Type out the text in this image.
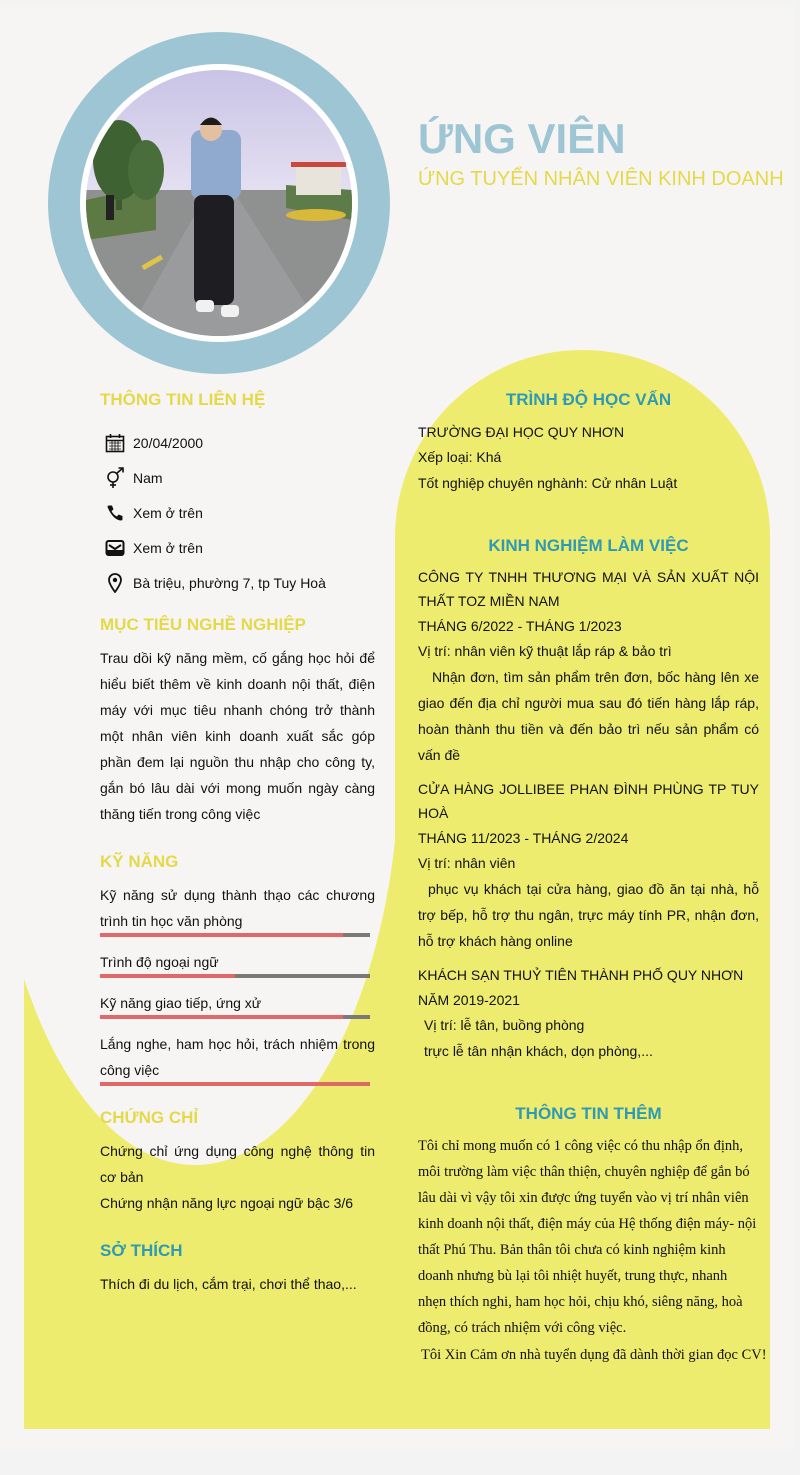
ỨNG VIÊN

ỨNG TUYỂN NHÂN VIÊN KINH DOANH

THÔNG TIN LIÊN HỆ
20/04/2000
Nam
Xem ở trên
Xem ở trên
Bà triệu, phường 7, tp Tuy Hoà
MỤC TIÊU NGHỀ NGHIỆP

Trau dồi kỹ năng mềm, cố gắng học hỏi để hiểu biết thêm về kinh doanh nội thất, điện máy với mục tiêu nhanh chóng trở thành một nhân viên kinh doanh xuất sắc góp phần đem lại nguồn thu nhập cho công ty, gắn bó lâu dài với mong muốn ngày càng thăng tiến trong công việc

KỸ NĂNG

Kỹ năng sử dụng thành thạo các chương trình tin học văn phòng

Trình độ ngoại ngữ

Kỹ năng giao tiếp, ứng xử

Lắng nghe, ham học hỏi, trách nhiệm trong công việc

CHỨNG CHỈ

Chứng chỉ ứng dụng công nghệ thông tin cơ bản

Chứng nhận năng lực ngoại ngữ bậc 3/6

SỞ THÍCH

Thích đi du lịch, cắm trại, chơi thể thao,...

TRÌNH ĐỘ HỌC VẤN

TRƯỜNG ĐẠI HỌC QUY NHƠN

Xếp loại: Khá

Tốt nghiệp chuyên nghành: Cử nhân Luật

KINH NGHIỆM LÀM VIỆC

CÔNG TY TNHH THƯƠNG MẠI VÀ SẢN XUẤT NỘI THẤT TOZ MIỀN NAM

THÁNG 6/2022 - THÁNG 1/2023

Vị trí: nhân viên kỹ thuật lắp ráp & bảo trì

Nhận đơn, tìm sản phẩm trên đơn, bốc hàng lên xe giao đến địa chỉ người mua sau đó tiến hàng lắp ráp, hoàn thành thu tiền và đến bảo trì nếu sản phẩm có vấn đề

CỬA HÀNG JOLLIBEE PHAN ĐÌNH PHÙNG TP TUY HOÀ

THÁNG 11/2023 - THÁNG 2/2024

Vị trí: nhân viên

phục vụ khách tại cửa hàng, giao đồ ăn tại nhà, hỗ trợ bếp, hỗ trợ thu ngân, trực máy tính PR, nhận đơn, hỗ trợ khách hàng online

KHÁCH SẠN THUỶ TIÊN THÀNH PHỐ QUY NHƠN

NĂM 2019-2021

Vị trí: lễ tân, buồng phòng

trực lễ tân nhận khách, dọn phòng,...

THÔNG TIN THÊM

Tôi chỉ mong muốn có 1 công việc có thu nhập ổn định, môi trường làm việc thân thiện, chuyên nghiệp để gắn bó lâu dài vì vậy tôi xin được ứng tuyển vào vị trí nhân viên kinh doanh nội thất, điện máy của Hệ thống điện máy- nội thất Phú Thu. Bản thân tôi chưa có kinh nghiệm kinh doanh nhưng bù lại tôi nhiệt huyết, trung thực, nhanh nhẹn thích nghi, ham học hỏi, chịu khó, siêng năng, hoà đồng, có trách nhiệm với công việc.

Tôi Xin Cảm ơn nhà tuyển dụng đã dành thời gian đọc CV!
